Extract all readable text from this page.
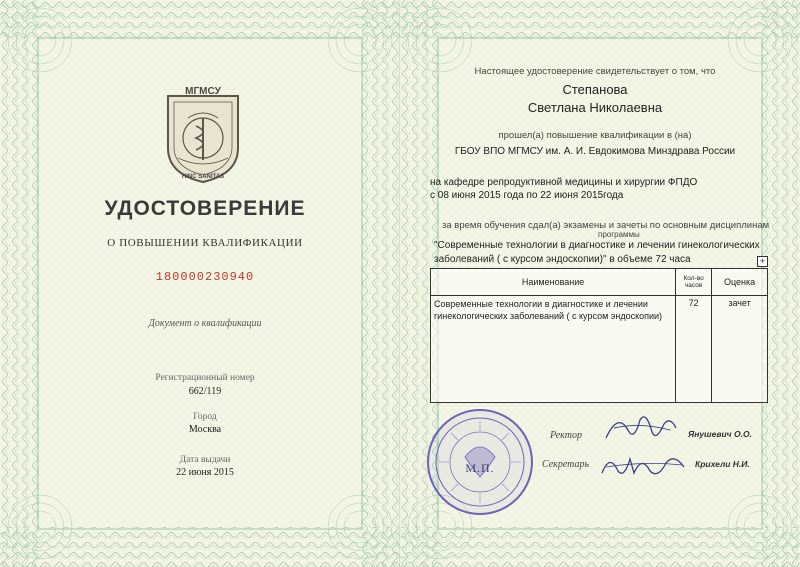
МГМСУ
HINC SANITAS
УДОСТОВЕРЕНИЕ
О ПОВЫШЕНИИ КВАЛИФИКАЦИИ
180000230940
Документ о квалификации
Регистрационный номер
662/119
Город
Москва
Дата выдачи
22 июня 2015
Настоящее удостоверение свидетельствует о том, что
Степанова
Светлана Николаевна
прошел(а) повышение квалификации в (на)
ГБОУ ВПО МГМСУ им. А. И. Евдокимова Минздрава России
на кафедре репродуктивной медицины и хирургии ФПДО
с 08 июня 2015 года по 22 июня 2015года
за время обучения сдал(а) экзамены и зачеты по основным дисциплинам
программы
"Современные технологии в диагностике и лечении гинекологических
заболеваний ( с курсом эндоскопии)" в объеме 72 часа	+
Наименование	Кол-во часов	Оценка
Современные технологии в диагностике и лечении гинекологических заболеваний ( с курсом эндоскопии)	72	зачет
М.П.
Ректор	Янушевич О.О.
Секретарь	Крихели Н.И.
